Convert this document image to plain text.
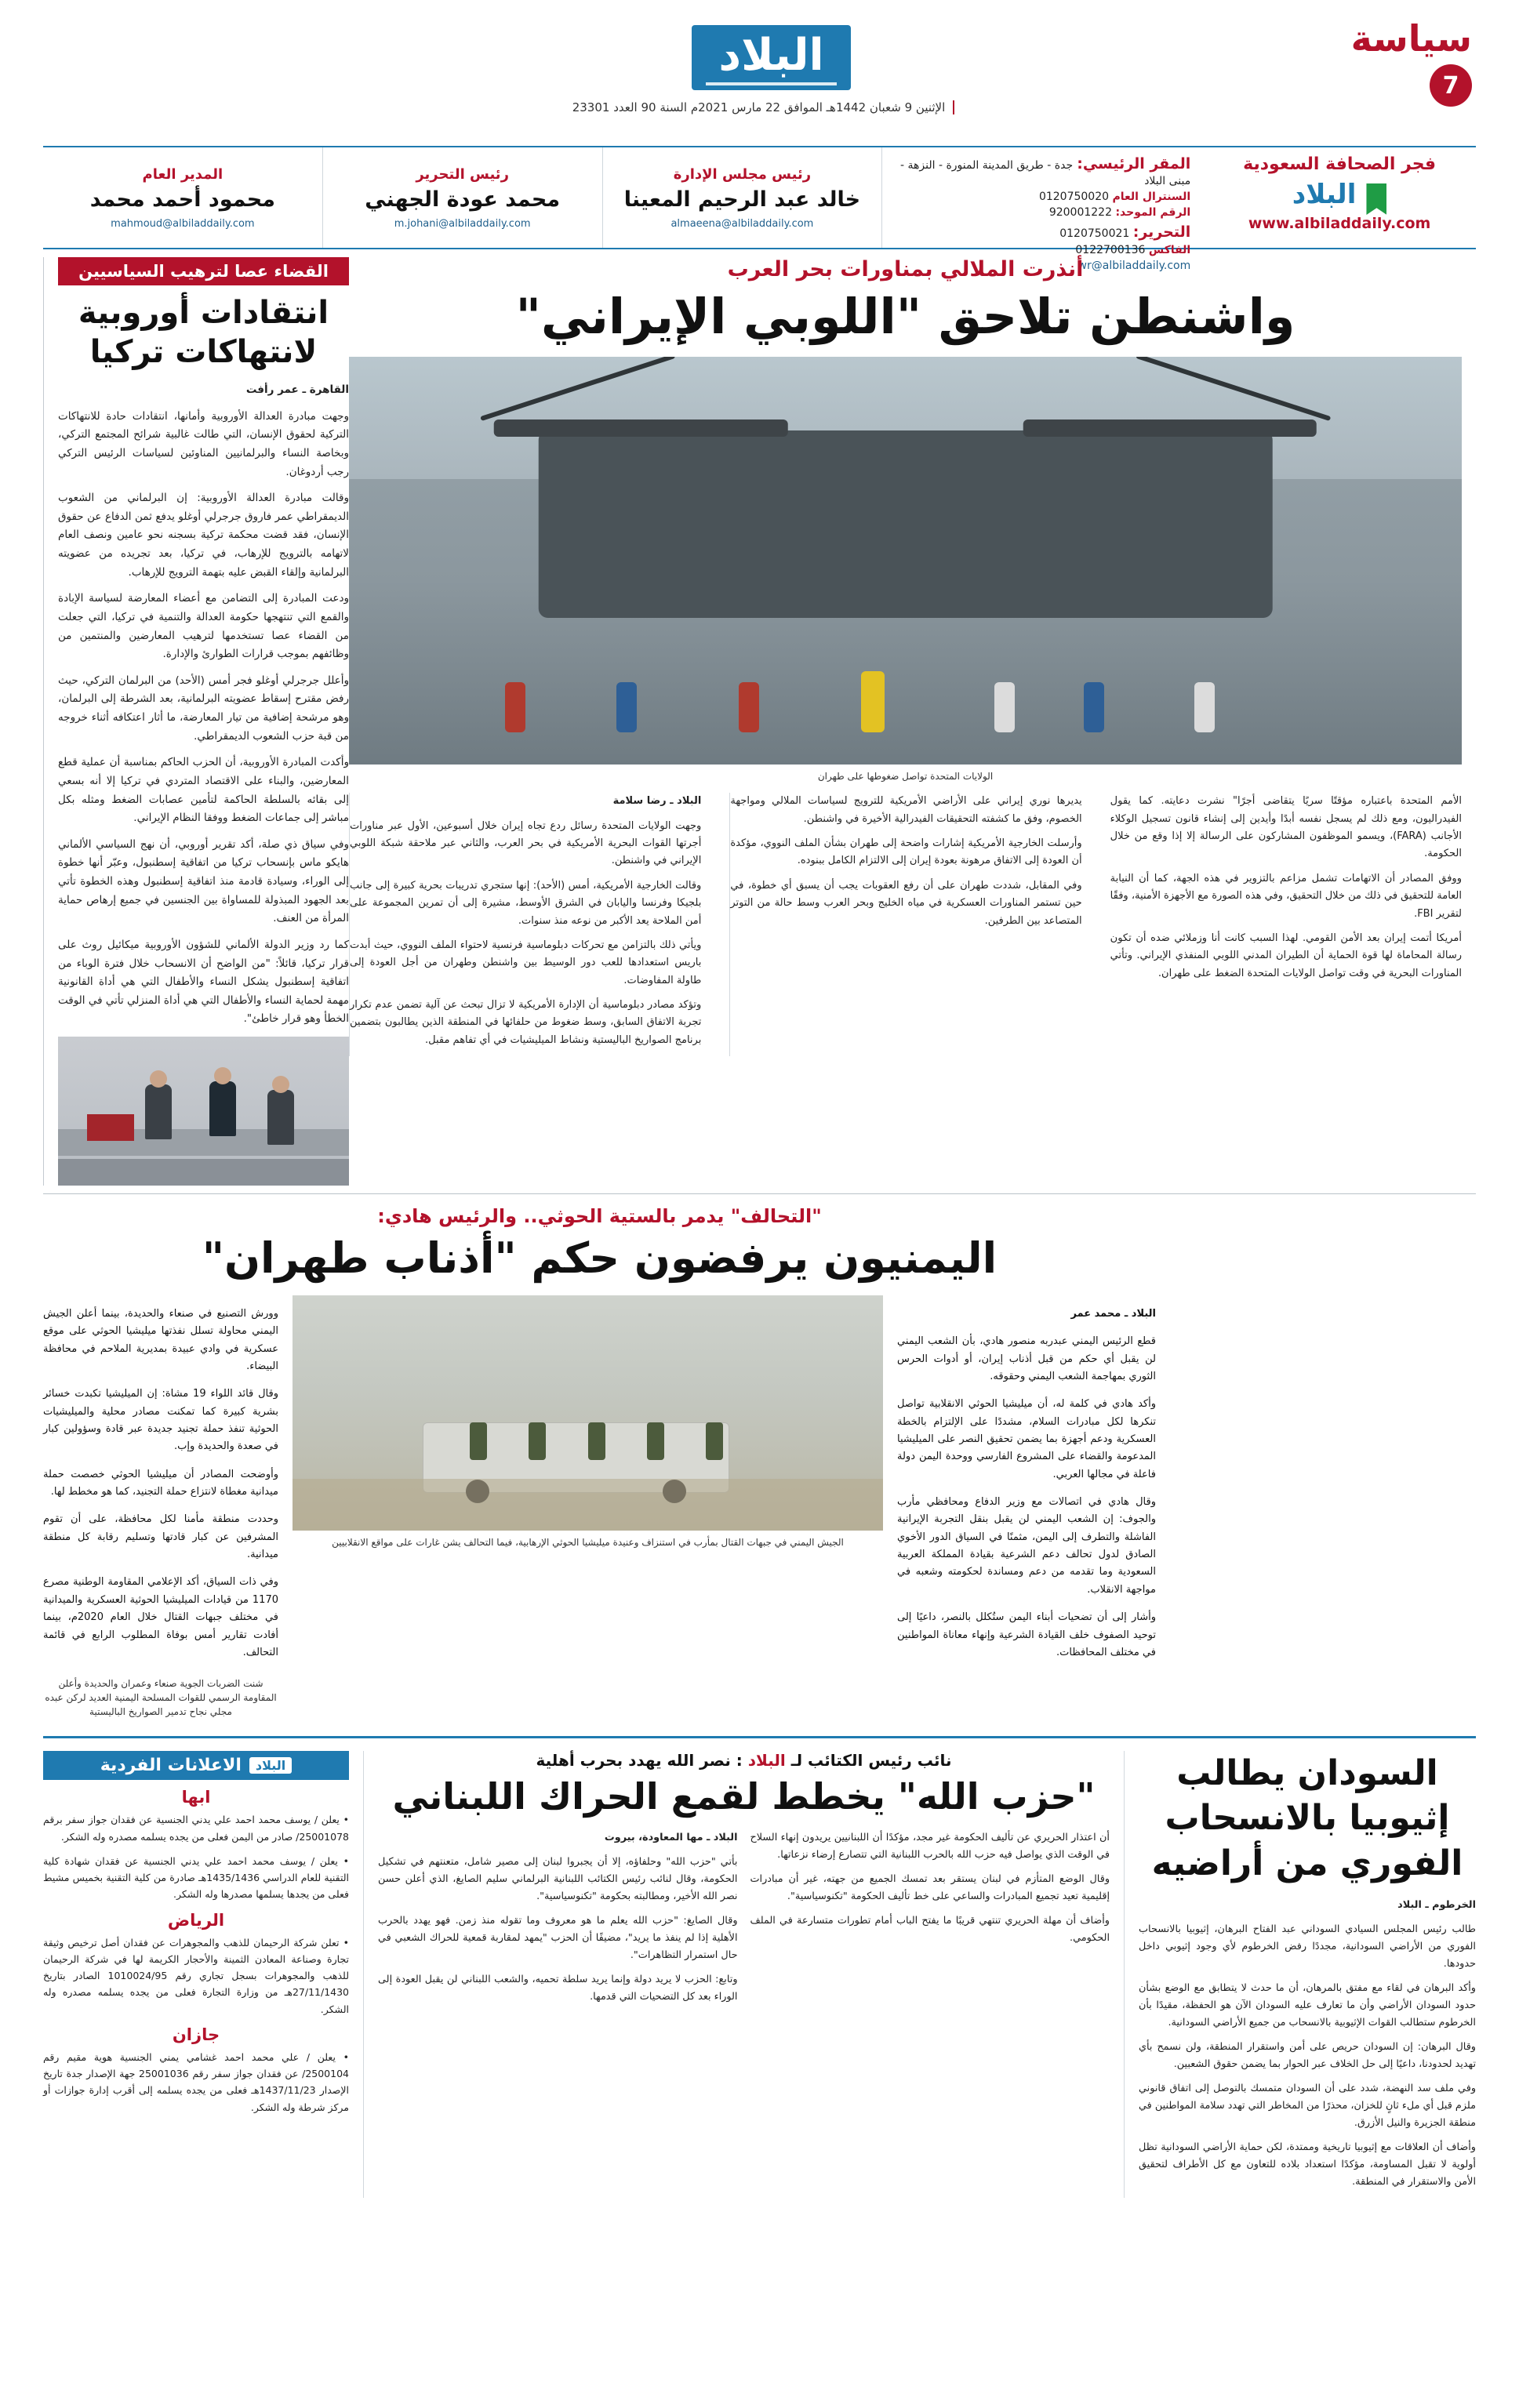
سياسة
7
البلاد
الإثنين 9 شعبان 1442هـ الموافق 22 مارس 2021م السنة 90 العدد 23301
فجر الصحافة السعودية
البلاد
www.albiladdaily.com
المقر الرئيسي: جدة - طريق المدينة المنورة - النزهة - مبنى البلاد
السنترال العام 0120750020
الرقم الموحد: 920001222
التحرير: 0120750021
الفاكس 0122700136
wr@albiladdaily.com
رئيس مجلس الإدارة
خالد عبد الرحيم المعينا
almaeena@albiladdaily.com
رئيس التحرير
محمد عودة الجهني
m.johani@albiladdaily.com
المدير العام
محمود أحمد محمد
mahmoud@albiladdaily.com
القضاء عصا لترهيب السياسيين
انتقادات أوروبية لانتهاكات تركيا

القاهرة ـ عمر رأفت

وجهت مبادرة العدالة الأوروبية وأمانها، انتقادات حادة للانتهاكات التركية لحقوق الإنسان، التي طالت غالبية شرائح المجتمع التركي، وبخاصة النساء والبرلمانيين المناوئين لسياسات الرئيس التركي رجب أردوغان.

وقالت مبادرة العدالة الأوروبية: إن البرلماني من الشعوب الديمقراطي عمر فاروق جرجرلي أوغلو يدفع ثمن الدفاع عن حقوق الإنسان، فقد قضت محكمة تركية بسجنه نحو عامين ونصف العام لاتهامه بالترويج للإرهاب، في تركيا، بعد تجريده من عضويته البرلمانية وإلقاء القبض عليه بتهمة الترويج للإرهاب.

ودعت المبادرة إلى التضامن مع أعضاء المعارضة لسياسة الإبادة والقمع التي تنتهجها حكومة العدالة والتنمية في تركيا، التي جعلت من القضاء عصا تستخدمها لترهيب المعارضين والمنتمين من وظائفهم بموجب قرارات الطوارئ والإدارة.

وأعلل جرجرلي أوغلو فجر أمس (الأحد) من البرلمان التركي، حيث رفض مقترح إسقاط عضويته البرلمانية، بعد الشرطة إلى البرلمان، وهو مرشحة إضافية من تيار المعارضة، ما أثار اعتكافه أثناء خروجه من قبة حزب الشعوب الديمقراطي.

وأكدت المبادرة الأوروبية، أن الحزب الحاكم بمناسبة أن عملية قطع المعارضين، والبناء على الاقتصاد المتردي في تركيا إلا أنه بسعي إلى بقائه بالسلطة الحاكمة لتأمين عصابات الضغط ومثله بكل مباشر إلى جماعات الضغط ووفقا النظام الإيراني.

وفي سياق ذي صلة، أكد تقرير أوروبي، أن نهج السياسي الألماني هايكو ماس بإنسحاب تركيا من اتفاقية إسطنبول، وعبّر أنها خطوة إلى الوراء، وسيادة قادمة منذ اتفاقية إسطنبول وهذه الخطوة تأتي بعد الجهود المبذولة للمساواة بين الجنسين في جميع إرهاص حماية المرأة من العنف.

كما رد وزير الدولة الألماني للشؤون الأوروبية ميكائيل روث على قرار تركيا، قائلاً: "من الواضح أن الانسحاب خلال فترة الوباء من اتفاقية إسطنبول يشكل النساء والأطفال التي هي أداة القانونية مهمة لحماية النساء والأطفال التي هي أداة المنزلي تأتي في الوقت الخطأ وهو قرار خاطئ".

أنذرت الملالي بمناورات بحر العرب
واشنطن تلاحق "اللوبي الإيراني"
الولايات المتحدة تواصل ضغوطها على طهران

الأمم المتحدة باعتباره مؤقتًا سريًا يتقاضى أجرًا" نشرت دعايته. كما يقول الفيدراليون، ومع ذلك لم يسجل نفسه أبدًا وأيدين إلى إنشاء قانون تسجيل الوكلاء الأجانب (FARA)، ويسمو الموظفون المشاركون على الرسالة إلا إذا وقع من خلال الحكومة.

ووفق المصادر أن الاتهامات تشمل مزاعم بالتزوير في هذه الجهة، كما أن النيابة العامة للتحقيق في ذلك من خلال التحقيق، وفي هذه الصورة مع الأجهزة الأمنية، وفقًا لتقرير FBI.

أمريكا أتمت إيران بعد الأمن القومي. لهذا السبب كانت أنا وزملائي ضده أن تكون رسالة المحاماة لها قوة الحماية أن الطيران المدني اللوبي المنفذي الإيراني. وتأتي المناورات البحرية في وقت تواصل الولايات المتحدة الضغط على طهران.

يديرها نوري إيراني على الأراضي الأمريكية للترويج لسياسات الملالي ومواجهة الخصوم، وفق ما كشفته التحقيقات الفيدرالية الأخيرة في واشنطن.

وأرسلت الخارجية الأمريكية إشارات واضحة إلى طهران بشأن الملف النووي، مؤكدة أن العودة إلى الاتفاق مرهونة بعودة إيران إلى الالتزام الكامل ببنوده.

وفي المقابل، شددت طهران على أن رفع العقوبات يجب أن يسبق أي خطوة، في حين تستمر المناورات العسكرية في مياه الخليج وبحر العرب وسط حالة من التوتر المتصاعد بين الطرفين.

البلاد ـ رضا سلامة

وجهت الولايات المتحدة رسائل ردع تجاه إيران خلال أسبوعين، الأول عبر مناورات أجرتها القوات البحرية الأمريكية في بحر العرب، والثاني عبر ملاحقة شبكة اللوبي الإيراني في واشنطن.

وقالت الخارجية الأمريكية، أمس (الأحد): إنها ستجري تدريبات بحرية كبيرة إلى جانب بلجيكا وفرنسا واليابان في الشرق الأوسط، مشيرة إلى أن تمرين المجموعة على أمن الملاحة يعد الأكبر من نوعه منذ سنوات.

ويأتي ذلك بالتزامن مع تحركات دبلوماسية فرنسية لاحتواء الملف النووي، حيث أبدت باريس استعدادها للعب دور الوسيط بين واشنطن وطهران من أجل العودة إلى طاولة المفاوضات.

وتؤكد مصادر دبلوماسية أن الإدارة الأمريكية لا تزال تبحث عن آلية تضمن عدم تكرار تجربة الاتفاق السابق، وسط ضغوط من حلفائها في المنطقة الذين يطالبون بتضمين برنامج الصواريخ الباليستية ونشاط الميليشيات في أي تفاهم مقبل.

"التحالف" يدمر بالستية الحوثي.. والرئيس هادي:
اليمنيون يرفضون حكم "أذناب طهران"

البلاد ـ محمد عمر

قطع الرئيس اليمني عبدربه منصور هادي، بأن الشعب اليمني لن يقبل أي حكم من قبل أذناب إيران، أو أدوات الحرس الثوري بمهاجمة الشعب اليمني وحقوقه.

وأكد هادي في كلمة له، أن ميليشيا الحوثي الانقلابية تواصل تنكرها لكل مبادرات السلام، مشددًا على الإلتزام بالخطة العسكرية ودعم أجهزة بما يضمن تحقيق النصر على الميليشيا المدعومة والقضاء على المشروع الفارسي ووحدة اليمن دولة فاعلة في مجالها العربي.

وقال هادي في اتصالات مع وزير الدفاع ومحافظي مأرب والجوف: إن الشعب اليمني لن يقبل بنقل التجربة الإيرانية الفاشلة والتطرف إلى اليمن، مثمنًا في السياق الدور الأخوي الصادق لدول تحالف دعم الشرعية بقيادة المملكة العربية السعودية وما تقدمه من دعم ومساندة لحكومته وشعبه في مواجهة الانقلاب.

وأشار إلى أن تضحيات أبناء اليمن ستُكلل بالنصر، داعيًا إلى توحيد الصفوف خلف القيادة الشرعية وإنهاء معاناة المواطنين في مختلف المحافظات.

الجيش اليمني في جبهات القتال بمأرب في استنزاف وعنيدة ميليشيا الحوثي الإرهابية، فيما التحالف يشن غارات على مواقع الانقلابيين

وورش التصنيع في صنعاء والحديدة، بينما أعلن الجيش اليمني محاولة تسلل نفذتها ميليشيا الحوثي على موقع عسكرية في وادي عبيدة بمديرية الملاحم في محافظة البيضاء.

وقال قائد اللواء 19 مشاة: إن الميليشيا تكبدت خسائر بشرية كبيرة كما تمكنت مصادر محلية والميليشيات الحوثية تنفذ حملة تجنيد جديدة عبر قادة وسؤولين كبار في صعدة والحديدة وإب.

وأوضحت المصادر أن ميليشيا الحوثي خصصت حملة ميدانية مغطاة لانتزاع حملة التجنيد، كما هو مخطط لها.

وحددت منطقة مأمنا لكل محافظة، على أن تقوم المشرفين عن كبار قادتها وتسليم رقابة كل منطقة ميدانية.

وفي ذات السياق، أكد الإعلامي المقاومة الوطنية مصرع 1170 من قيادات الميليشيا الحوثية العسكرية والميدانية في مختلف جبهات القتال خلال العام 2020م، بينما أفادت تقارير أمس بوفاة المطلوب الرابع في قائمة التحالف.

شنت الضربات الجوية صنعاء وعمران والحديدة وأعلن المقاومة الرسمي للقوات المسلحة اليمنية العديد لركن عبده مجلي نجاح تدمير الصواريخ الباليستية

البلاد
الاعلانات الفردية
ابها

• يعلن / يوسف محمد احمد علي يدني الجنسية عن فقدان جواز سفر برقم 25001078/ صادر من اليمن فعلى من يجده يسلمه مصدره وله الشكر.

• يعلن / يوسف محمد احمد علي يدني الجنسية عن فقدان شهادة كلية التقنية للعام الدراسي 1435/1436هـ صادرة من كلية التقنية بخميس مشيط فعلى من يجدها يسلمها مصدرها وله الشكر.

الرياض

• تعلن شركة الرحيمان للذهب والمجوهرات عن فقدان أصل ترخيص وثيقة تجارة وصناعة المعادن الثمينة والأحجار الكريمة لها في شركة الرحيمان للذهب والمجوهرات بسجل تجاري رقم 1010024/95 الصادر بتاريخ 27/11/1430هـ من وزارة التجارة فعلى من يجده يسلمه مصدره وله الشكر.

جازان

• يعلن / علي محمد احمد غشامي يمني الجنسية هوية مقيم رقم 2500104/ عن فقدان جواز سفر رقم 25001036 جهة الإصدار جدة تاريخ الإصدار 1437/11/23هـ فعلى من يجده يسلمه إلى أقرب إدارة جوازات أو مركز شرطة وله الشكر.

نائب رئيس الكتائب لـ البلاد : نصر الله يهدد بحرب أهلية
"حزب الله" يخطط لقمع الحراك اللبناني

أن اعتذار الحريري عن تأليف الحكومة غير مجد، مؤكدًا أن اللبنانيين يريدون إنهاء السلاح في الوقت الذي يواصل فيه حزب الله بالحرب اللبنانية التي تتصارع إرضاء نزعاتها.

وقال الوضع المتأزم في لبنان يستقر بعد تمسك الجميع من جهته، غير أن مبادرات إقليمية تعيد تجميع المبادرات والساعي على خط تأليف الحكومة "تكنوسياسية".

وأضاف أن مهلة الحريري تنتهي قريبًا ما يفتح الباب أمام تطورات متسارعة في الملف الحكومي.

البلاد ـ مها المعاودة، بيروت

بأتي "حزب الله" وحلفاؤه، إلا أن يجبروا لبنان إلى مصير شامل، متعنتهم في تشكيل الحكومة، وقال لنائب رئيس الكتائب اللبنانية البرلماني سليم الصايغ، الذي أعلن حسن نصر الله الأخير، ومطالبته بحكومة "تكنوسياسية".

وقال الصايغ: "حزب الله يعلم ما هو معروف وما تقوله منذ زمن. فهو يهدد بالحرب الأهلية إذا لم ينفذ ما يريد"، مضيفًا أن الحزب "يمهد لمقاربة قمعية للحراك الشعبي في حال استمرار التظاهرات".

وتابع: الحزب لا يريد دولة وإنما يريد سلطة تحميه، والشعب اللبناني لن يقبل العودة إلى الوراء بعد كل التضحيات التي قدمها.

السودان يطالب إثيوبيا بالانسحاب الفوري من أراضيه

الخرطوم ـ البلاد

طالب رئيس المجلس السيادي السوداني عبد الفتاح البرهان، إثيوبيا بالانسحاب الفوري من الأراضي السودانية، مجددًا رفض الخرطوم لأي وجود إثيوبي داخل حدودها.

وأكد البرهان في لقاء مع مفتق بالمرهان، أن ما حدث لا يتطابق مع الوضع بشأن حدود السودان الأراضي وأن ما تعارف عليه السودان الآن هو الحفظة، مقيدًا بأن الخرطوم ستطالب القوات الإثيوبية بالانسحاب من جميع الأراضي السودانية.

وقال البرهان: إن السودان حريص على أمن واستقرار المنطقة، ولن نسمح بأي تهديد لحدودنا، داعيًا إلى حل الخلاف عبر الحوار بما يضمن حقوق الشعبين.

وفي ملف سد النهضة، شدد على أن السودان متمسك بالتوصل إلى اتفاق قانوني ملزم قبل أي ملء ثانٍ للخزان، محذرًا من المخاطر التي تهدد سلامة المواطنين في منطقة الجزيرة والنيل الأزرق.

وأضاف أن العلاقات مع إثيوبيا تاريخية وممتدة، لكن حماية الأراضي السودانية تظل أولوية لا تقبل المساومة، مؤكدًا استعداد بلاده للتعاون مع كل الأطراف لتحقيق الأمن والاستقرار في المنطقة.
